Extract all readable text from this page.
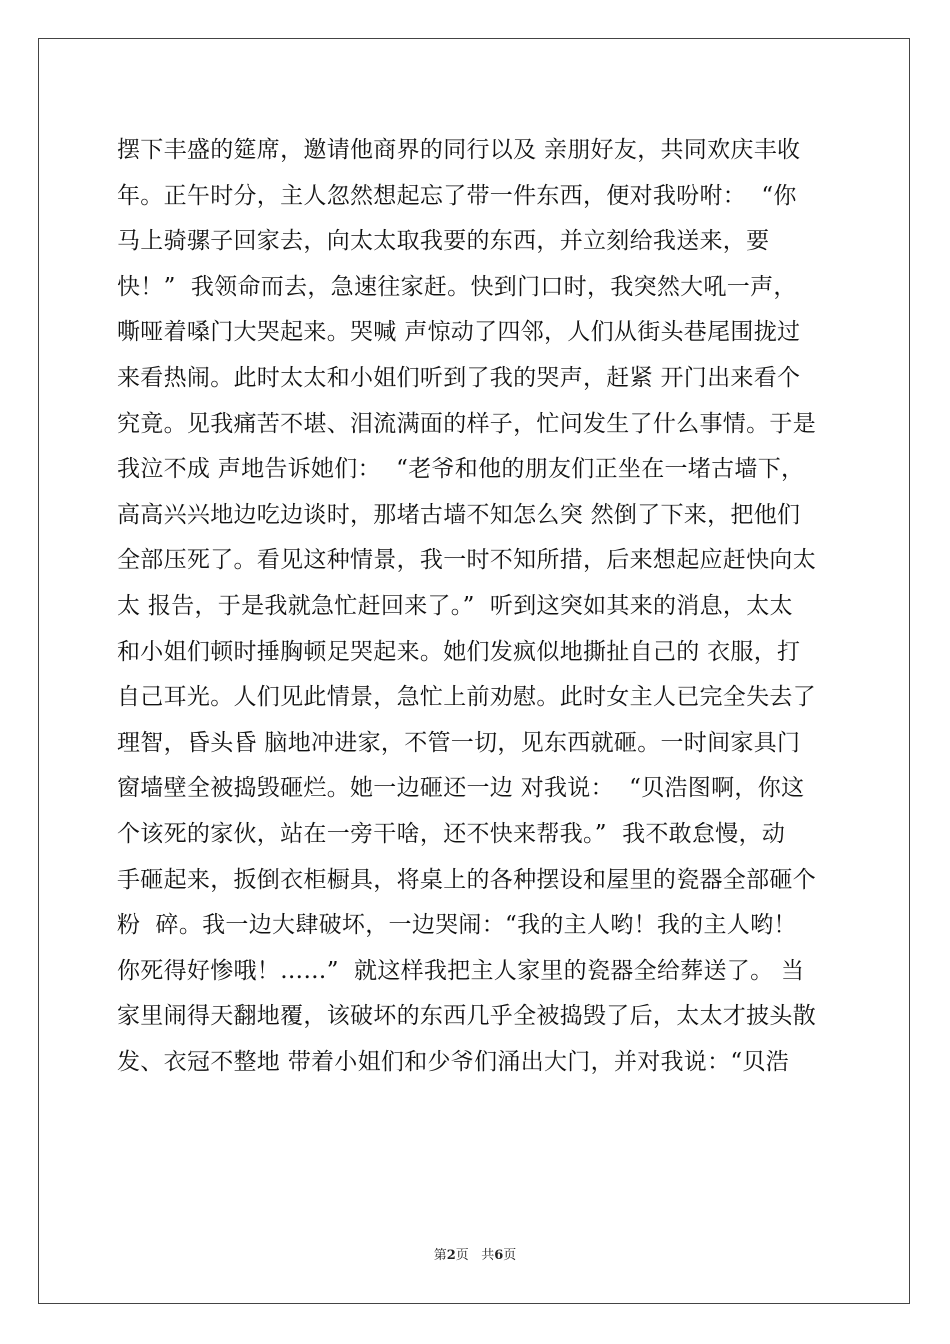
摆下丰盛的筵席，邀请他商界的同行以及 亲朋好友，共同欢庆丰收
年。正午时分，主人忽然想起忘了带一件东西，便对我吩咐：  “你
马上骑骡子回家去，向太太取我要的东西，并立刻给我送来，要
快！”  我领命而去，急速往家赶。快到门口时，我突然大吼一声，
嘶哑着嗓门大哭起来。哭喊 声惊动了四邻，人们从街头巷尾围拢过
来看热闹。此时太太和小姐们听到了我的哭声，赶紧 开门出来看个
究竟。见我痛苦不堪、泪流满面的样子，忙问发生了什么事情。于是
我泣不成 声地告诉她们：  “老爷和他的朋友们正坐在一堵古墙下，
高高兴兴地边吃边谈时，那堵古墙不知怎么突 然倒了下来，把他们
全部压死了。看见这种情景，我一时不知所措，后来想起应赶快向太
太 报告，于是我就急忙赶回来了。”  听到这突如其来的消息，太太
和小姐们顿时捶胸顿足哭起来。她们发疯似地撕扯自己的 衣服，打
自己耳光。人们见此情景，急忙上前劝慰。此时女主人已完全失去了
理智，昏头昏 脑地冲进家，不管一切，见东西就砸。一时间家具门
窗墙壁全被捣毁砸烂。她一边砸还一边 对我说：  “贝浩图啊，你这
个该死的家伙，站在一旁干啥，还不快来帮我。”  我不敢怠慢，动
手砸起来，扳倒衣柜橱具，将桌上的各种摆设和屋里的瓷器全部砸个
粉  碎。我一边大肆破坏，一边哭闹：“我的主人哟！我的主人哟！
你死得好惨哦！……”  就这样我把主人家里的瓷器全给葬送了。 当
家里闹得天翻地覆，该破坏的东西几乎全被捣毁了后，太太才披头散
发、衣冠不整地 带着小姐们和少爷们涌出大门，并对我说：“贝浩
第2页 共6页
